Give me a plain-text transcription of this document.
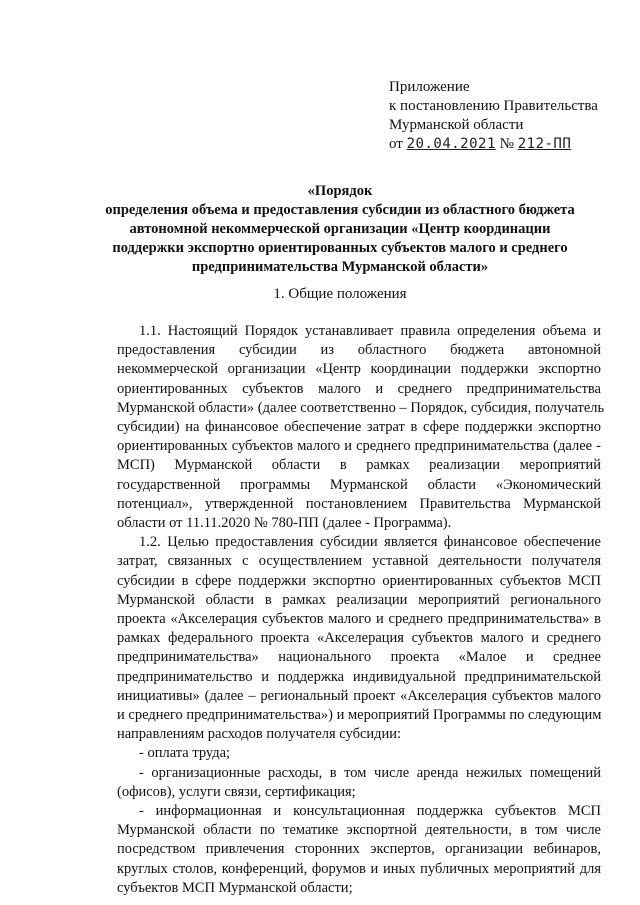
Приложение
к постановлению Правительства
Мурманской области
от 20.04.2021 № 212-ПП
«Порядок
определения объема и предоставления субсидии из областного бюджета
автономной некоммерческой организации «Центр координации
поддержки экспортно ориентированных субъектов малого и среднего
предпринимательства Мурманской области»
1. Общие положения
1.1. Настоящий Порядок устанавливает правила определения объема и
предоставления субсидии из областного бюджета автономной
некоммерческой организации «Центр координации поддержки экспортно
ориентированных субъектов малого и среднего предпринимательства
Мурманской области» (далее соответственно – Порядок, субсидия, получатель
субсидии) на финансовое обеспечение затрат в сфере поддержки экспортно
ориентированных субъектов малого и среднего предпринимательства (далее -
МСП) Мурманской области в рамках реализации мероприятий
государственной программы Мурманской области «Экономический
потенциал», утвержденной постановлением Правительства Мурманской
области от 11.11.2020 № 780-ПП (далее - Программа).
1.2. Целью предоставления субсидии является финансовое обеспечение
затрат, связанных с осуществлением уставной деятельности получателя
субсидии в сфере поддержки экспортно ориентированных субъектов МСП
Мурманской области в рамках реализации мероприятий регионального
проекта «Акселерация субъектов малого и среднего предпринимательства» в
рамках федерального проекта «Акселерация субъектов малого и среднего
предпринимательства» национального проекта «Малое и среднее
предпринимательство и поддержка индивидуальной предпринимательской
инициативы» (далее – региональный проект «Акселерация субъектов малого
и среднего предпринимательства») и мероприятий Программы по следующим
направлениям расходов получателя субсидии:
- оплата труда;
- организационные расходы, в том числе аренда нежилых помещений
(офисов), услуги связи, сертификация;
- информационная и консультационная поддержка субъектов МСП
Мурманской области по тематике экспортной деятельности, в том числе
посредством привлечения сторонних экспертов, организации вебинаров,
круглых столов, конференций, форумов и иных публичных мероприятий для
субъектов МСП Мурманской области;
